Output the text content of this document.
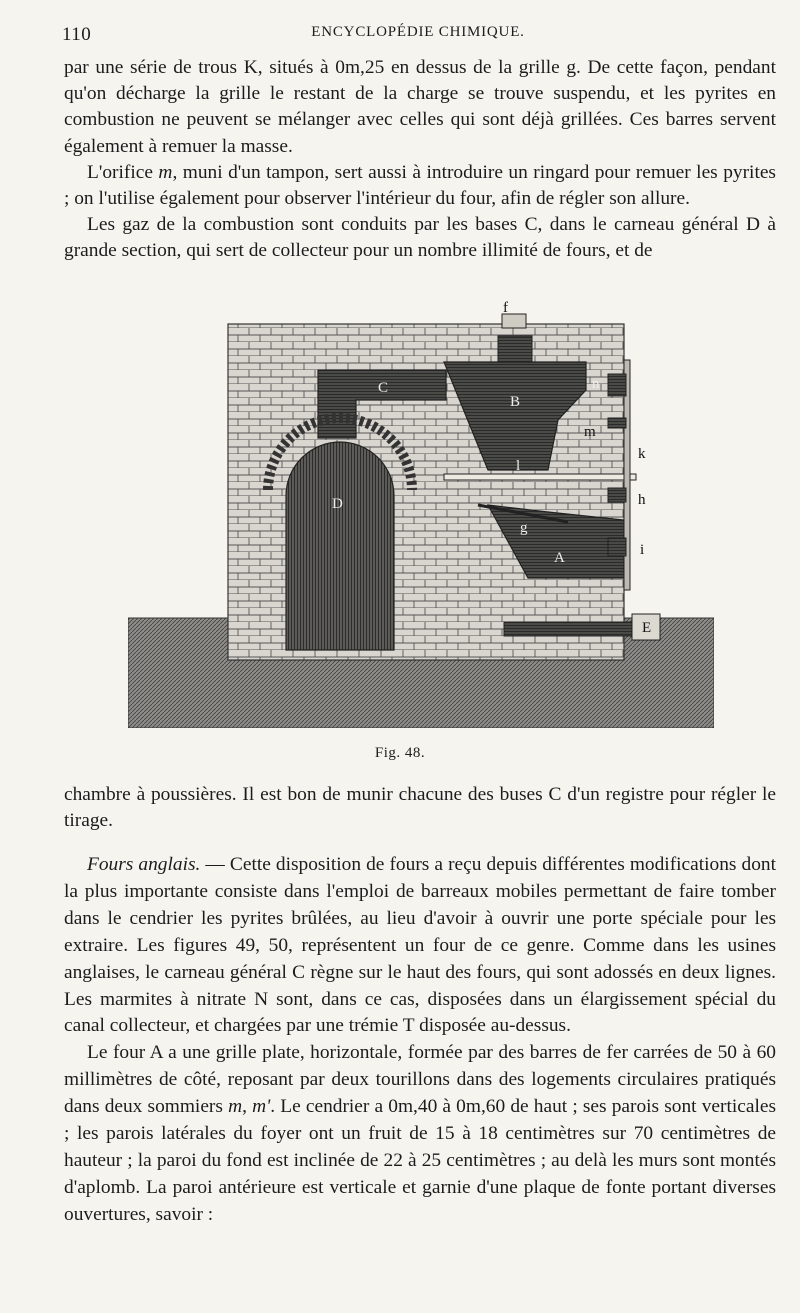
110	ENCYCLOPÉDIE CHIMIQUE.

par une série de trous K, situés à 0m,25 en dessus de la grille g. De cette façon, pendant qu'on décharge la grille le restant de la charge se trouve suspendu, et les pyrites en combustion ne peuvent se mélanger avec celles qui sont déjà grillées. Ces barres servent également à remuer la masse.

L'orifice m, muni d'un tampon, sert aussi à introduire un ringard pour remuer les pyrites ; on l'utilise également pour observer l'intérieur du four, afin de régler son allure.

Les gaz de la combustion sont conduits par les bases C, dans le carneau général D à grande section, qui sert de collecteur pour un nombre illimité de fours, et de

f
C
B
D
l
g
A
E
n
m
k
h
i
Fig. 48.

chambre à poussières. Il est bon de munir chacune des buses C d'un registre pour régler le tirage.

Fours anglais. — Cette disposition de fours a reçu depuis différentes modifications dont la plus importante consiste dans l'emploi de barreaux mobiles permettant de faire tomber dans le cendrier les pyrites brûlées, au lieu d'avoir à ouvrir une porte spéciale pour les extraire. Les figures 49, 50, représentent un four de ce genre. Comme dans les usines anglaises, le carneau général C règne sur le haut des fours, qui sont adossés en deux lignes. Les marmites à nitrate N sont, dans ce cas, disposées dans un élargissement spécial du canal collecteur, et chargées par une trémie T disposée au-dessus.

Le four A a une grille plate, horizontale, formée par des barres de fer carrées de 50 à 60 millimètres de côté, reposant par deux tourillons dans des logements circulaires pratiqués dans deux sommiers m, m'. Le cendrier a 0m,40 à 0m,60 de haut ; ses parois sont verticales ; les parois latérales du foyer ont un fruit de 15 à 18 centimètres sur 70 centimètres de hauteur ; la paroi du fond est inclinée de 22 à 25 centimètres ; au delà les murs sont montés d'aplomb. La paroi antérieure est verticale et garnie d'une plaque de fonte portant diverses ouvertures, savoir :
